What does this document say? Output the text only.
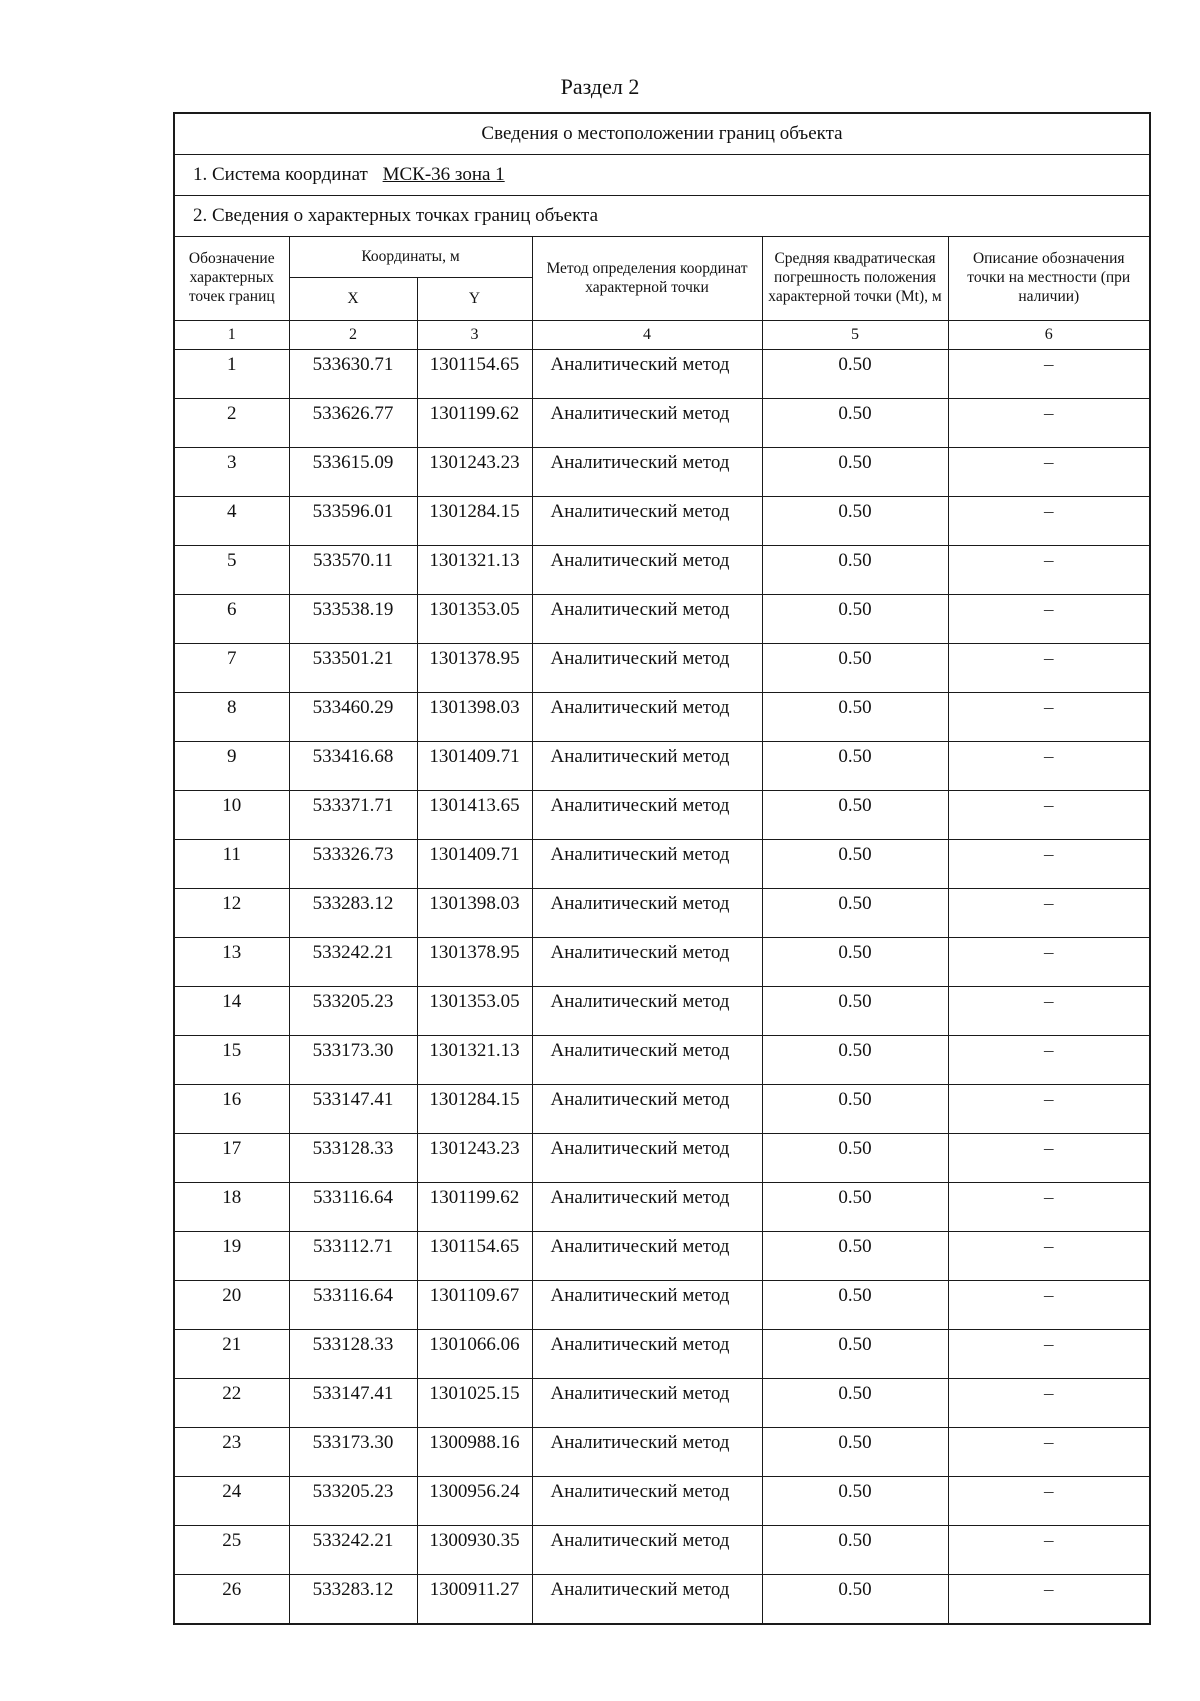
Раздел 2
Сведения о местоположении границ объекта					
1. Система координат МСК-36 зона 1					
2. Сведения о характерных точках границ объекта					
Обозначение характерных точек границ	Координаты, м		Метод определения координат характерной точки	Средняя квадратическая погрешность положения характерной точки (Mt), м	Описание обозначения точки на местности (при наличии)
	X	Y			
1	2	3	4	5	6
1	533630.71	1301154.65	Аналитический метод	0.50	–
2	533626.77	1301199.62	Аналитический метод	0.50	–
3	533615.09	1301243.23	Аналитический метод	0.50	–
4	533596.01	1301284.15	Аналитический метод	0.50	–
5	533570.11	1301321.13	Аналитический метод	0.50	–
6	533538.19	1301353.05	Аналитический метод	0.50	–
7	533501.21	1301378.95	Аналитический метод	0.50	–
8	533460.29	1301398.03	Аналитический метод	0.50	–
9	533416.68	1301409.71	Аналитический метод	0.50	–
10	533371.71	1301413.65	Аналитический метод	0.50	–
11	533326.73	1301409.71	Аналитический метод	0.50	–
12	533283.12	1301398.03	Аналитический метод	0.50	–
13	533242.21	1301378.95	Аналитический метод	0.50	–
14	533205.23	1301353.05	Аналитический метод	0.50	–
15	533173.30	1301321.13	Аналитический метод	0.50	–
16	533147.41	1301284.15	Аналитический метод	0.50	–
17	533128.33	1301243.23	Аналитический метод	0.50	–
18	533116.64	1301199.62	Аналитический метод	0.50	–
19	533112.71	1301154.65	Аналитический метод	0.50	–
20	533116.64	1301109.67	Аналитический метод	0.50	–
21	533128.33	1301066.06	Аналитический метод	0.50	–
22	533147.41	1301025.15	Аналитический метод	0.50	–
23	533173.30	1300988.16	Аналитический метод	0.50	–
24	533205.23	1300956.24	Аналитический метод	0.50	–
25	533242.21	1300930.35	Аналитический метод	0.50	–
26	533283.12	1300911.27	Аналитический метод	0.50	–
